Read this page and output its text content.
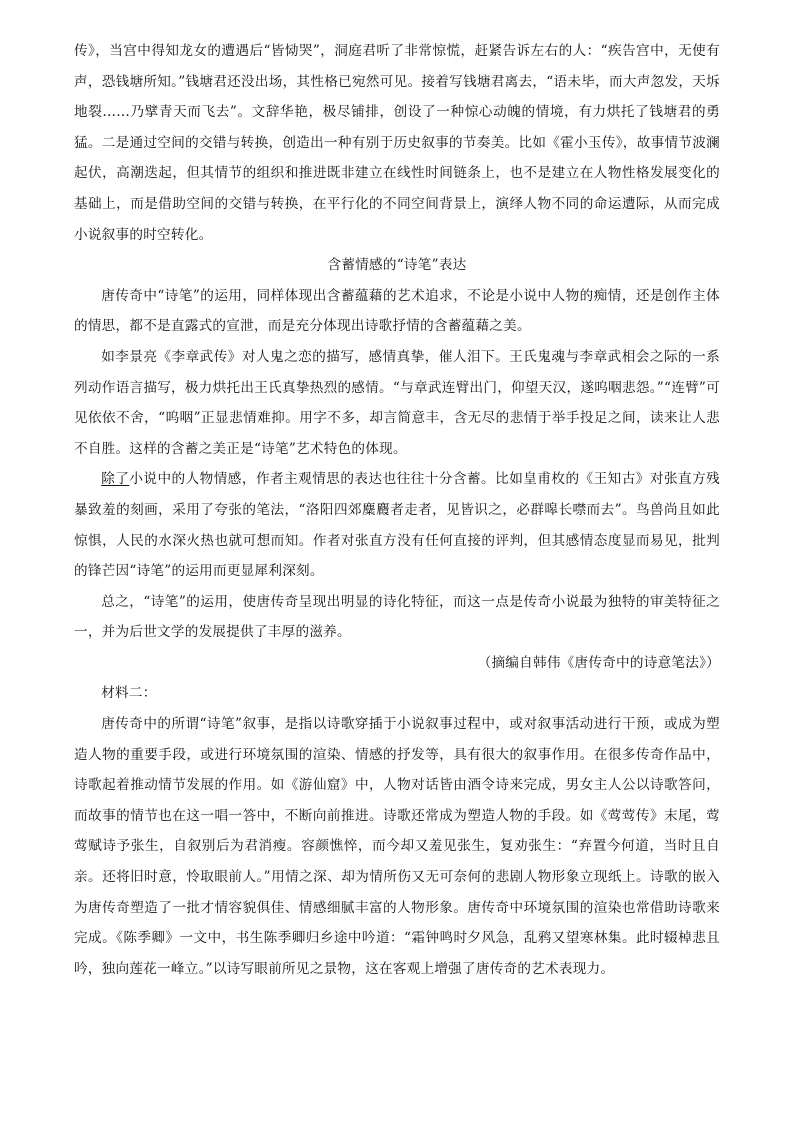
传》，当宫中得知龙女的遭遇后“皆恸哭”，洞庭君听了非常惊慌，赶紧告诉左右的人：“疾告宫中，无使有声，恐钱塘所知。”钱塘君还没出场，其性格已宛然可见。接着写钱塘君离去，“语未毕，而大声忽发，天坼地裂……乃擘青天而飞去”。文辞华艳，极尽铺排，创设了一种惊心动魄的情境，有力烘托了钱塘君的勇猛。二是通过空间的交错与转换，创造出一种有别于历史叙事的节奏美。比如《霍小玉传》，故事情节波澜起伏，高潮迭起，但其情节的组织和推进既非建立在线性时间链条上，也不是建立在人物性格发展变化的基础上，而是借助空间的交错与转换，在平行化的不同空间背景上，演绎人物不同的命运遭际，从而完成小说叙事的时空转化。

含蓄情感的“诗笔”表达

唐传奇中“诗笔”的运用，同样体现出含蓄蕴藉的艺术追求，不论是小说中人物的痴情，还是创作主体的情思，都不是直露式的宣泄，而是充分体现出诗歌抒情的含蓄蕴藉之美。

如李景亮《李章武传》对人鬼之恋的描写，感情真挚，催人泪下。王氏鬼魂与李章武相会之际的一系列动作语言描写，极力烘托出王氏真挚热烈的感情。“与章武连臂出门，仰望天汉，遂呜咽悲怨。”“连臂”可见依依不舍，“呜咽”正显悲情难抑。用字不多，却言简意丰，含无尽的悲情于举手投足之间，读来让人悲不自胜。这样的含蓄之美正是“诗笔”艺术特色的体现。

除了小说中的人物情感，作者主观情思的表达也往往十分含蓄。比如皇甫枚的《王知古》对张直方残暴致羞的刻画，采用了夸张的笔法，“洛阳四郊麋麚者走者，见皆识之，必群嗥长噤而去”。鸟兽尚且如此惊惧，人民的水深火热也就可想而知。作者对张直方没有任何直接的评判，但其感情态度显而易见，批判的锋芒因“诗笔”的运用而更显犀利深刻。

总之，“诗笔”的运用，使唐传奇呈现出明显的诗化特征，而这一点是传奇小说最为独特的审美特征之一，并为后世文学的发展提供了丰厚的滋养。

（摘编自韩伟《唐传奇中的诗意笔法》）

材料二：

唐传奇中的所谓“诗笔”叙事，是指以诗歌穿插于小说叙事过程中，或对叙事活动进行干预，或成为塑造人物的重要手段，或进行环境氛围的渲染、情感的抒发等，具有很大的叙事作用。在很多传奇作品中，诗歌起着推动情节发展的作用。如《游仙窟》中，人物对话皆由酒令诗来完成，男女主人公以诗歌答问，而故事的情节也在这一唱一答中，不断向前推进。诗歌还常成为塑造人物的手段。如《莺莺传》末尾，莺莺赋诗予张生，自叙别后为君消瘦。容颜憔悴，而今却又羞见张生，复劝张生：“弃置今何道，当时且自亲。还将旧时意，怜取眼前人。”用情之深、却为情所伤又无可奈何的悲剧人物形象立现纸上。诗歌的嵌入为唐传奇塑造了一批才情容貌俱佳、情感细腻丰富的人物形象。唐传奇中环境氛围的渲染也常借助诗歌来完成。《陈季卿》一文中，书生陈季卿归乡途中吟道：“霜钟鸣时夕风急，乱鸦又望寒林集。此时辍棹悲且吟，独向莲花一峰立。”以诗写眼前所见之景物，这在客观上增强了唐传奇的艺术表现力。
